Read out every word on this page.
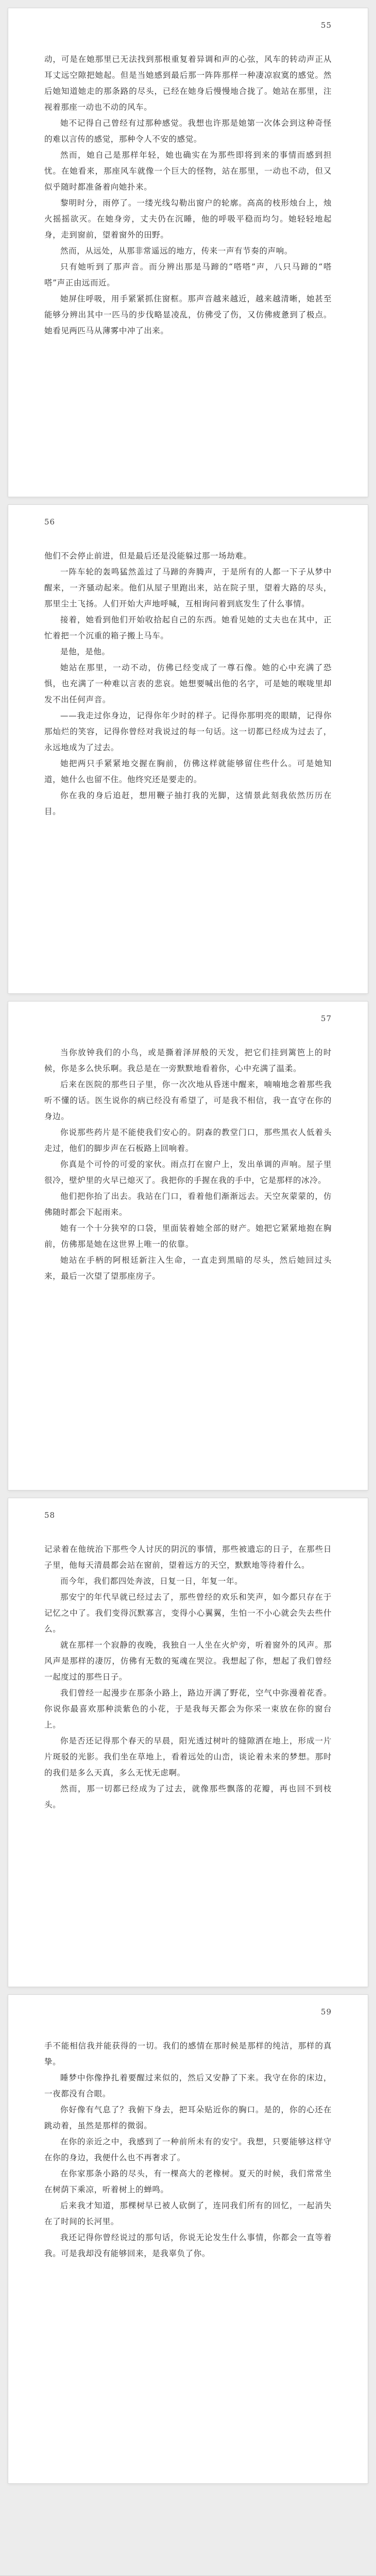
55

动，可是在她那里已无法找到那根重复着异调和声的心弦，风车的转动声正从耳丈远空隙把她起。但是当她感到最后那一阵阵那样一种凄凉寂寞的感觉。然后她知道她走的那条路的尽头，已经在她身后慢慢地合拢了。她站在那里，注视着那座一动也不动的风车。

她不记得自己曾经有过那种感觉。我想也许那是她第一次体会到这种奇怪的难以言传的感觉，那种令人不安的感觉。

然而，她自己是那样年轻，她也确实在为那些即将到来的事情而感到担忧。在她看来，那座风车就像一个巨大的怪物，站在那里，一动也不动，但又似乎随时都准备着向她扑来。

黎明时分，雨停了。一缕光线勾勒出窗户的轮廓。高高的枝形烛台上，烛火摇摇欲灭。在她身旁，丈夫仍在沉睡，他的呼吸平稳而均匀。她轻轻地起身，走到窗前，望着窗外的田野。

然而，从远处，从那非常遥远的地方，传来一声有节奏的声响。

只有她听到了那声音。而分辨出那是马蹄的“嗒嗒”声，八只马蹄的“嗒嗒”声正由远而近。

她屏住呼吸，用手紧紧抓住窗框。那声音越来越近，越来越清晰，她甚至能够分辨出其中一匹马的步伐略显凌乱，仿佛受了伤，又仿佛疲惫到了极点。她看见两匹马从薄雾中冲了出来。

56

他们不会停止前进，但是最后还是没能躲过那一场劫难。

一阵车轮的轰鸣猛然盖过了马蹄的奔腾声，于是所有的人都一下子从梦中醒来，一齐骚动起来。他们从屋子里跑出来，站在院子里，望着大路的尽头，那里尘土飞扬。人们开始大声地呼喊，互相询问着到底发生了什么事情。

接着，她看到他们开始收拾起自己的东西。她看见她的丈夫也在其中，正忙着把一个沉重的箱子搬上马车。

是他，是他。

她站在那里，一动不动，仿佛已经变成了一尊石像。她的心中充满了恐惧，也充满了一种难以言表的悲哀。她想要喊出他的名字，可是她的喉咙里却发不出任何声音。

——我走过你身边，记得你年少时的样子。记得你那明亮的眼睛，记得你那灿烂的笑容，记得你曾经对我说过的每一句话。这一切都已经成为过去了，永远地成为了过去。

她把两只手紧紧地交握在胸前，仿佛这样就能够留住些什么。可是她知道，她什么也留不住。他终究还是要走的。

你在我的身后追赶，想用鞭子抽打我的光脚，这情景此刻我依然历历在目。

57

当你放钟我们的小鸟，或是撕着泽屏般的天发，把它们挂到篱笆上的时候，你是多么快乐啊。我总是在一旁默默地看着你，心中充满了温柔。

后来在医院的那些日子里，你一次次地从昏迷中醒来，喃喃地念着那些我听不懂的话。医生说你的病已经没有希望了，可是我不相信，我一直守在你的身边。

你说那些药片是不能使我们安心的。阴森的教堂门口，那些黑衣人低着头走过，他们的脚步声在石板路上回响着。

你真是个可怜的可爱的家伙。雨点打在窗户上，发出单调的声响。屋子里很冷，壁炉里的火早已熄灭了。我把你的手握在我的手中，它是那样的冰冷。

他们把你抬了出去。我站在门口，看着他们渐渐远去。天空灰蒙蒙的，仿佛随时都会下起雨来。

她有一个十分狭窄的口袋，里面装着她全部的财产。她把它紧紧地抱在胸前，仿佛那是她在这世界上唯一的依靠。

她站在手柄的阿根廷新注入生命，一直走到黑暗的尽头，然后她回过头来，最后一次望了望那座房子。

58

记录着在他统治下那些令人讨厌的阴沉的事情，那些被遗忘的日子，在那些日子里，他每天清晨都会站在窗前，望着远方的天空，默默地等待着什么。

而今年，我们都四处奔波，日复一日，年复一年。

那安宁的年代早就已经过去了，那些曾经的欢乐和笑声，如今都只存在于记忆之中了。我们变得沉默寡言，变得小心翼翼，生怕一不小心就会失去些什么。

就在那样一个寂静的夜晚，我独自一人坐在火炉旁，听着窗外的风声。那风声是那样的凄厉，仿佛有无数的冤魂在哭泣。我想起了你，想起了我们曾经一起度过的那些日子。

我们曾经一起漫步在那条小路上，路边开满了野花，空气中弥漫着花香。你说你最喜欢那种淡紫色的小花，于是我每天都会为你采一束放在你的窗台上。

你是否还记得那个春天的早晨，阳光透过树叶的缝隙洒在地上，形成一片片斑驳的光影。我们坐在草地上，看着远处的山峦，谈论着未来的梦想。那时的我们是多么天真，多么无忧无虑啊。

然而，那一切都已经成为了过去，就像那些飘落的花瓣，再也回不到枝头。

59

手不能相信我并能获得的一切。我们的感情在那时候是那样的纯洁，那样的真挚。

睡梦中你像挣扎着要醒过来似的，然后又安静了下来。我守在你的床边，一夜都没有合眼。

你好像有气息了？我俯下身去，把耳朵贴近你的胸口。是的，你的心还在跳动着，虽然是那样的微弱。

在你的亲近之中，我感到了一种前所未有的安宁。我想，只要能够这样守在你的身边，我便什么也不再奢求了。

在你家那条小路的尽头，有一棵高大的老橡树。夏天的时候，我们常常坐在树荫下乘凉，听着树上的蝉鸣。

后来我才知道，那棵树早已被人砍倒了，连同我们所有的回忆，一起消失在了时间的长河里。

我还记得你曾经说过的那句话，你说无论发生什么事情，你都会一直等着我。可是我却没有能够回来，是我辜负了你。
